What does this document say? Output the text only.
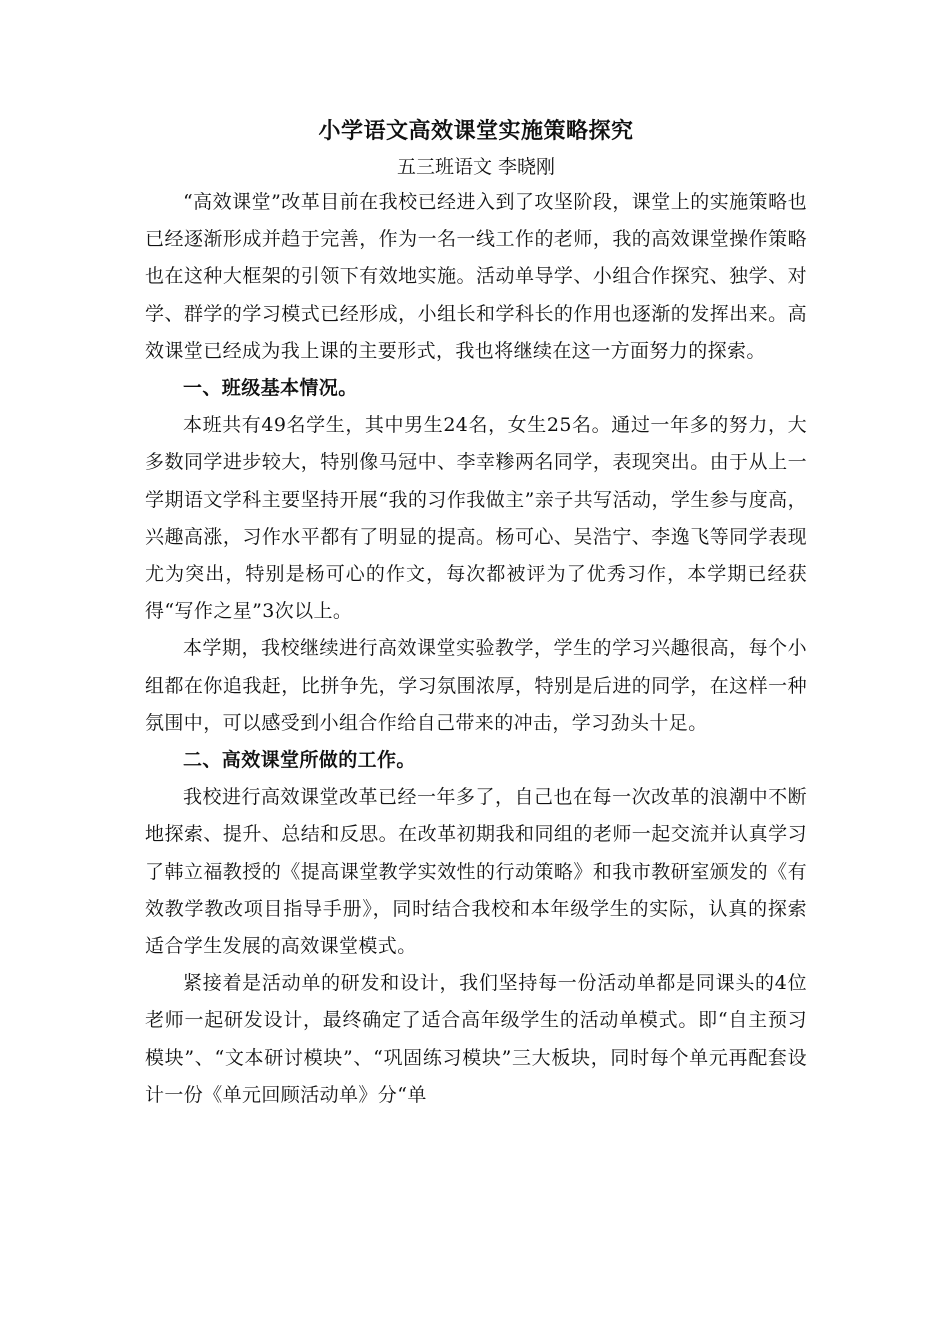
小学语文高效课堂实施策略探究
五三班语文 李晓刚

“高效课堂”改革目前在我校已经进入到了攻坚阶段，课堂上的实施策略也已经逐渐形成并趋于完善，作为一名一线工作的老师，我的高效课堂操作策略也在这种大框架的引领下有效地实施。活动单导学、小组合作探究、独学、对学、群学的学习模式已经形成，小组长和学科长的作用也逐渐的发挥出来。高效课堂已经成为我上课的主要形式，我也将继续在这一方面努力的探索。

一、班级基本情况。

本班共有49名学生，其中男生24名，女生25名。通过一年多的努力，大多数同学进步较大，特别像马冠中、李幸糁两名同学，表现突出。由于从上一学期语文学科主要坚持开展“我的习作我做主”亲子共写活动，学生参与度高，兴趣高涨，习作水平都有了明显的提高。杨可心、吴浩宁、李逸飞等同学表现尤为突出，特别是杨可心的作文，每次都被评为了优秀习作，本学期已经获得“写作之星”3次以上。

本学期，我校继续进行高效课堂实验教学，学生的学习兴趣很高，每个小组都在你追我赶，比拼争先，学习氛围浓厚，特别是后进的同学，在这样一种氛围中，可以感受到小组合作给自己带来的冲击，学习劲头十足。

二、高效课堂所做的工作。

我校进行高效课堂改革已经一年多了，自己也在每一次改革的浪潮中不断地探索、提升、总结和反思。在改革初期我和同组的老师一起交流并认真学习了韩立福教授的《提高课堂教学实效性的行动策略》和我市教研室颁发的《有效教学教改项目指导手册》，同时结合我校和本年级学生的实际，认真的探索适合学生发展的高效课堂模式。

紧接着是活动单的研发和设计，我们坚持每一份活动单都是同课头的4位老师一起研发设计，最终确定了适合高年级学生的活动单模式。即“自主预习模块”、“文本研讨模块”、“巩固练习模块”三大板块，同时每个单元再配套设计一份《单元回顾活动单》分“单
